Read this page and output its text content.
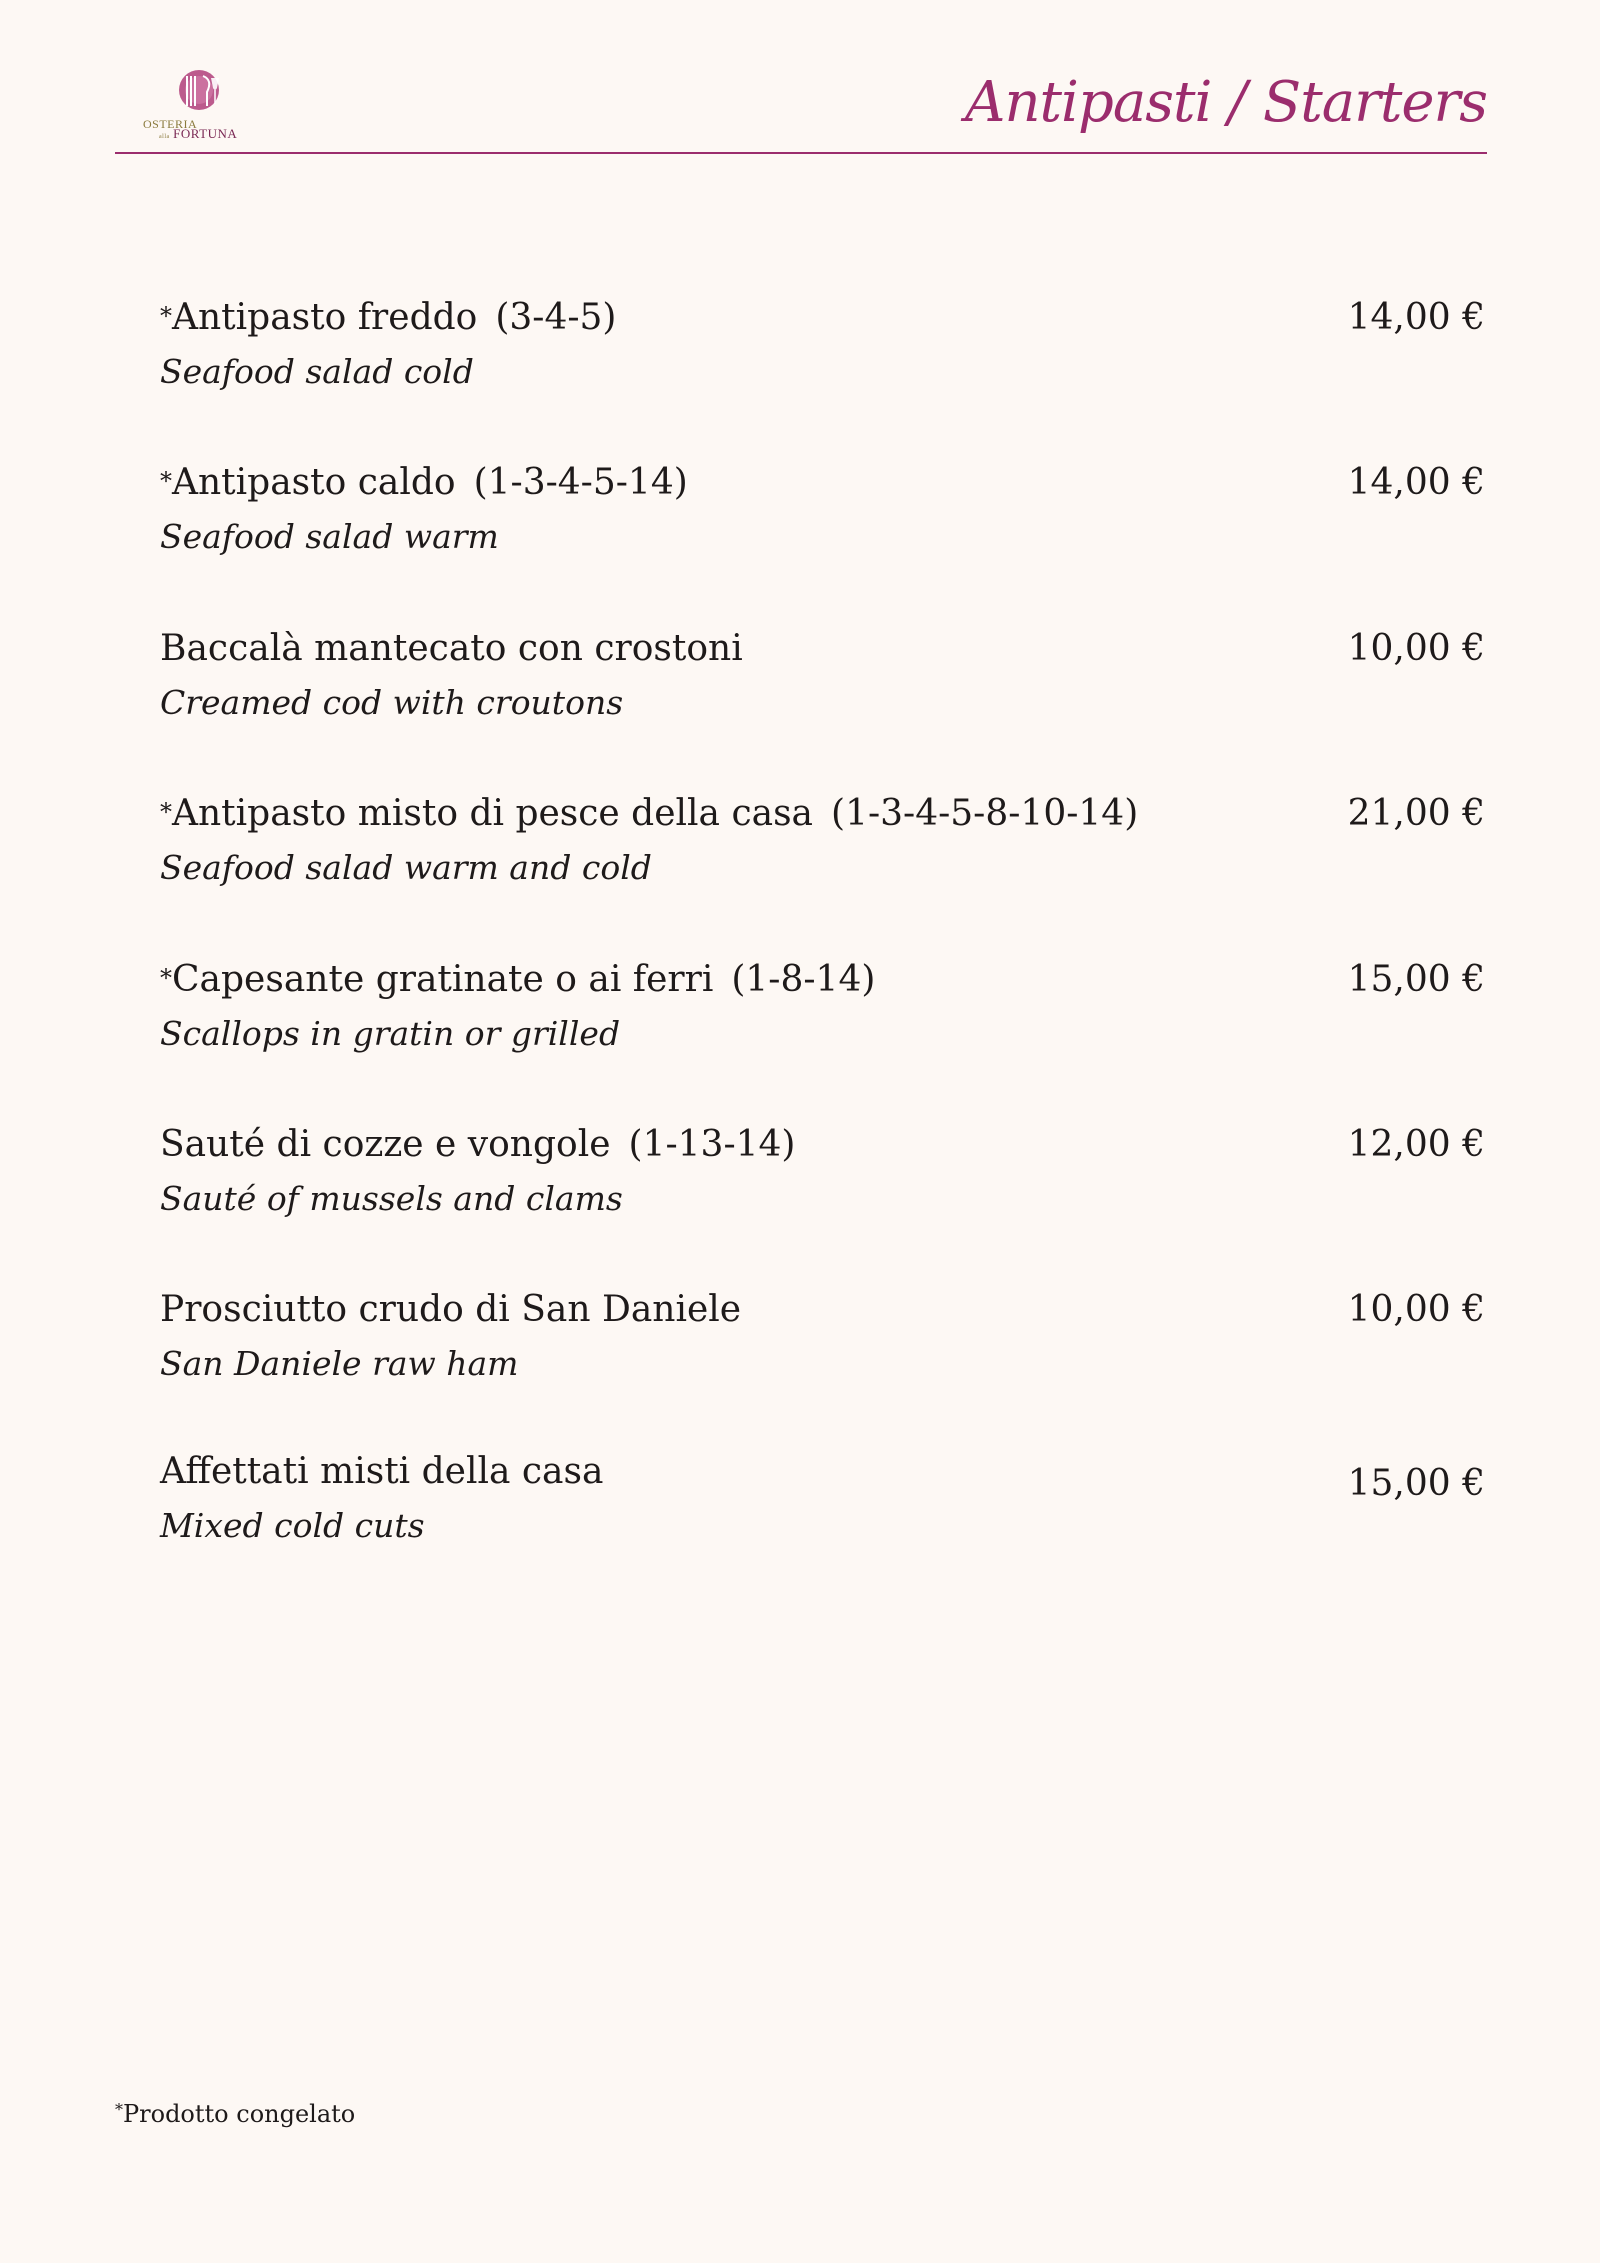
OSTERIA
alla FORTUNA	Antipasti / Starters
*Antipasto freddo (3-4-5)
Seafood salad cold
14,00 €
*Antipasto caldo (1-3-4-5-14)
Seafood salad warm
14,00 €
Baccalà mantecato con crostoni
Creamed cod with croutons
10,00 €
*Antipasto misto di pesce della casa (1-3-4-5-8-10-14)
Seafood salad warm and cold
21,00 €
*Capesante gratinate o ai ferri (1-8-14)
Scallops in gratin or grilled
15,00 €
Sauté di cozze e vongole (1-13-14)
Sauté of mussels and clams
12,00 €
Prosciutto crudo di San Daniele
San Daniele raw ham
10,00 €
Affettati misti della casa
Mixed cold cuts
15,00 €
*Prodotto congelato
